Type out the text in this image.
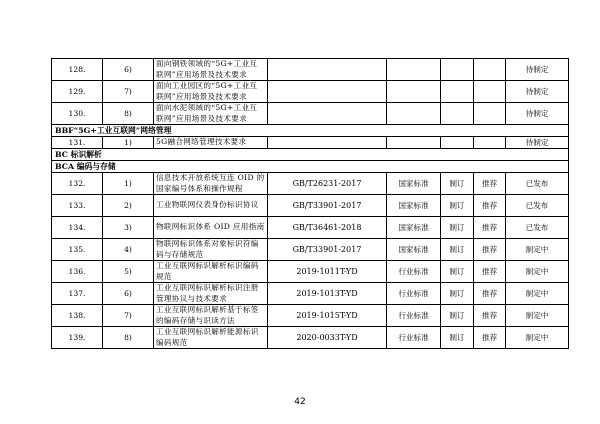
128.	6)	面向钢铁领域的“5G+工业互联网”应用场景及技术要求					待制定
129.	7)	面向工业园区的“5G+工业互联网”应用场景及技术要求					待制定
130.	8)	面向水泥领域的“5G+工业互联网”应用场景及技术要求					待制定
BBF“5G+工业互联网”网络管理							
131.	1)	5G融合网络管理技术要求					待制定
BC 标识解析							
BCA 编码与存储							
132.	1)	信息技术开放系统互连 OID 的国家编号体系和操作规程	GB/T26231-2017	国家标准	制订	推荐	已发布
133.	2)	工业物联网仪表身份标识协议	GB/T33901-2017	国家标准	制订	推荐	已发布
134.	3)	物联网标识体系 OID 应用指南	GB/T36461-2018	国家标准	制订	推荐	已发布
135.	4)	物联网标识体系对象标识符编码与存储规范	GB/T33901-2017	国家标准	制订	推荐	制定中
136.	5)	工业互联网标识解析标识编码规范	2019-1011T-YD	行业标准	制订	推荐	制定中
137.	6)	工业互联网标识解析标识注册管理协议与技术要求	2019-1013T-YD	行业标准	制订	推荐	制定中
138.	7)	工业互联网标识解析基于标签的编码存储与识读方法	2019-1015T-YD	行业标准	制订	推荐	制定中
139.	8)	工业互联网标识解析能源标识编码规范	2020-0033T-YD	行业标准	制订	推荐	制定中
42
